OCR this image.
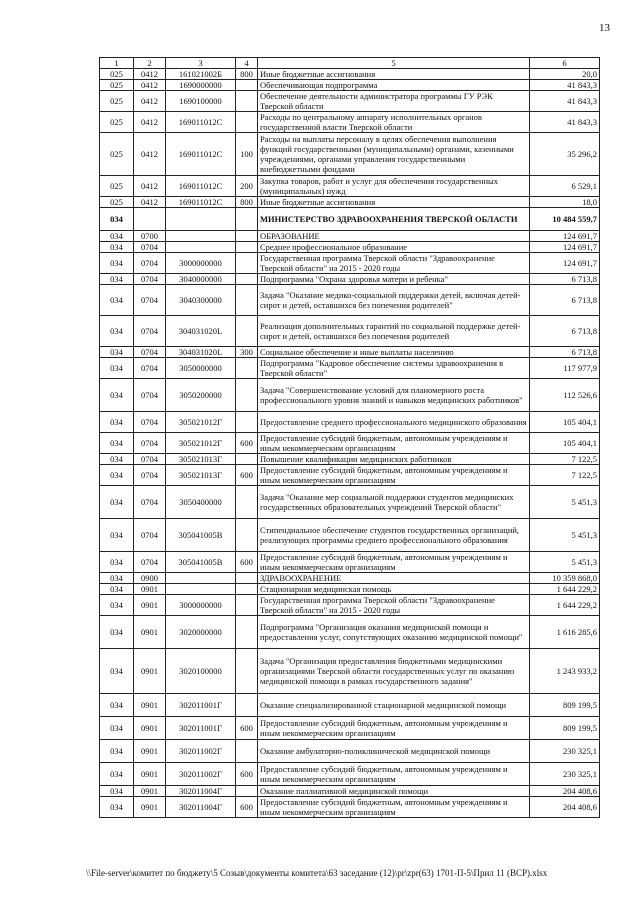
13
1	2	3	4	5	6
025	0412	161021002Б	800	Иные бюджетные ассигнования	20,0
025	0412	1690000000		Обеспечивающая подпрограмма	41 843,3
025	0412	1690100000		Обеспечение деятельности администратора программы ГУ РЭК Тверской области	41 843,3
025	0412	169011012С		Расходы по центральному аппарату исполнительных органов государственной власти Тверской области	41 843,3
025	0412	169011012С	100	Расходы на выплаты персоналу в целях обеспечения выполнения функций государственными (муниципальными) органами, казенными учреждениями, органами управления государственными внебюджетными фондами	35 296,2
025	0412	169011012С	200	Закупка товаров, работ и услуг для обеспечения государственных (муниципальных) нужд	6 529,1
025	0412	169011012С	800	Иные бюджетные ассигнования	18,0
034				МИНИСТЕРСТВО ЗДРАВООХРАНЕНИЯ ТВЕРСКОЙ ОБЛАСТИ	10 484 559,7
034	0700			ОБРАЗОВАНИЕ	124 691,7
034	0704			Среднее профессиональное образование	124 691,7
034	0704	3000000000		Государственная программа Тверской области "Здравоохранение Тверской области" на 2015 - 2020 годы	124 691,7
034	0704	3040000000		Подпрограмма "Охрана здоровья матери и ребенка"	6 713,8
034	0704	3040300000		Задача "Оказание медико-социальной поддержки детей, включая детей-сирот и детей, оставшихся без попечения родителей"	6 713,8
034	0704	304031020L		Реализация дополнительных гарантий по социальной поддержке детей-сирот и детей, оставшихся без попечения родителей	6 713,8
034	0704	304031020L	300	Социальное обеспечение и иные выплаты населению	6 713,8
034	0704	3050000000		Подпрограмма "Кадровое обеспечение системы здравоохранения в Тверской области"	117 977,9
034	0704	3050200000		Задача "Совершенствование условий для планомерного роста профессионального уровня знаний и навыков медицинских работников"	112 526,6
034	0704	305021012Г		Предоставление среднего профессионального медицинского образования	105 404,1
034	0704	305021012Г	600	Предоставление субсидий бюджетным, автономным учреждениям и иным некоммерческим организациям	105 404,1
034	0704	305021013Г		Повышение квалификации медицинских работников	7 122,5
034	0704	305021013Г	600	Предоставление субсидий бюджетным, автономным учреждениям и иным некоммерческим организациям	7 122,5
034	0704	3050400000		Задача "Оказание мер социальной поддержки студентов медицинских государственных образовательных учреждений Тверской области"	5 451,3
034	0704	305041005В		Стипендиальное обеспечение студентов государственных организаций, реализующих программы среднего профессионального образования	5 451,3
034	0704	305041005В	600	Предоставление субсидий бюджетным, автономным учреждениям и иным некоммерческим организациям	5 451,3
034	0900			ЗДРАВООХРАНЕНИЕ	10 359 868,0
034	0901			Стационарная медицинская помощь	1 644 229,2
034	0901	3000000000		Государственная программа Тверской области "Здравоохранение Тверской области" на 2015 - 2020 годы	1 644 229,2
034	0901	3020000000		Подпрограмма "Организация оказания медицинской помощи и предоставления услуг, сопутствующих оказанию медицинской помощи"	1 616 285,6
034	0901	3020100000		Задача "Организация предоставления бюджетными медицинскими организациями Тверской области государственных услуг по оказанию медицинской помощи в рамках государственного задания"	1 243 933,2
034	0901	302011001Г		Оказание специализированной стационарной медицинской помощи	809 199,5
034	0901	302011001Г	600	Предоставление субсидий бюджетным, автономным учреждениям и иным некоммерческим организациям	809 199,5
034	0901	302011002Г		Оказание амбулаторно-поликлинической медицинской помощи	230 325,1
034	0901	302011002Г	600	Предоставление субсидий бюджетным, автономным учреждениям и иным некоммерческим организациям	230 325,1
034	0901	302011004Г		Оказание паллиативной медицинской помощи	204 408,6
034	0901	302011004Г	600	Предоставление субсидий бюджетным, автономным учреждениям и иным некоммерческим организациям	204 408,6
\\File-server\комитет по бюджету\5 Созыв\документы комитета\63 заседание (12)\pr\zpr(63) 1701-П-5\Прил 11 (ВСР).xlsx
